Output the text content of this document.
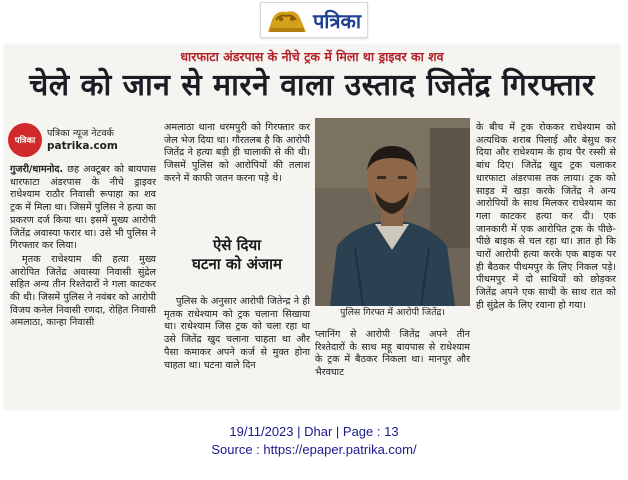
पत्रिका
धारफाटा अंडरपास के नीचे ट्रक में मिला था ड्राइवर का शव
चेले को जान से मारने वाला उस्ताद जितेंद्र गिरफ्तार
पत्रिका
पत्रिका न्यूज नेटवर्क
patrika.com

गुजरी/धामनोद. छह अक्टूबर को बायपास धारफाटा अंडरपास के नीचे ड्राइवर राधेश्याम राठौर निवासी रूपाहा का शव ट्रक में मिला था। जिसमें पुलिस ने हत्या का प्रकरण दर्ज किया था। इसमें मुख्य आरोपी जितेंद्र अवास्या फरार था। उसे भी पुलिस ने गिरफ्तार कर लिया।

मृतक राधेश्याम की हत्या मुख्य आरोपित जितेंद्र अवास्या निवासी सुंद्रेल सहित अन्य तीन रिश्तेदारों ने गला काटकर की थी। जिसमें पुलिस ने नवंबर को आरोपी विजय कनेल निवासी रणदा, रोहित निवासी अमलाठा, कान्हा निवासी

अमलाठा थाना धरमपुरी को गिरफ्तार कर जेल भेज दिया था। गौरतलब है कि आरोपी जितेंद्र ने हत्या बड़ी ही चालाकी से की थी। जिसमें पुलिस को आरोपियों की तलाश करने में काफी जतन करना पड़े थे।

ऐसे दिया
घटना को अंजाम

पुलिस के अनुसार आरोपी जितेन्द्र ने ही मृतक राधेश्याम को ट्रक चलाना सिखाया था। राधेश्याम जिस ट्रक को चला रहा था उसे जितेंद्र खुद चलाना चाहता था और पैसा कमाकर अपने कर्ज से मुक्त होना चाहता था। घटना वाले दिन

पुलिस गिरफ्त में आरोपी जितेंद्र।

प्लानिंग से आरोपी जितेंद्र अपने तीन रिश्तेदारों के साथ महू बायपास से राधेश्याम के ट्रक में बैठकर निकला था। मानपुर और भैरवघाट

के बीच में ट्रक रोककर राधेश्याम को अत्यधिक शराब पिलाई और बेसुध कर दिया और राधेश्याम के हाथ पैर रस्सी से बांध दिए। जितेंद्र खुद ट्रक चलाकर धारफाटा अंडरपास तक लाया। ट्रक को साइड में खड़ा करके जितेंद्र ने अन्य आरोपियों के साथ मिलकर राधेश्याम का गला काटकर हत्या कर दी। एक जानकारी में एक आरोपित ट्रक के पीछे-पीछे बाइक से चल रहा था। ज्ञात हो कि चारों आरोपी हत्या करके एक बाइक पर ही बैठकर पीथमपुर के लिए निकल पड़े। पीथमपुर में दो साथियों को छोड़कर जितेंद्र अपने एक साथी के साथ रात को ही सुंद्रेल के लिए रवाना हो गया।

19/11/2023 | Dhar | Page : 13
Source : https://epaper.patrika.com/
